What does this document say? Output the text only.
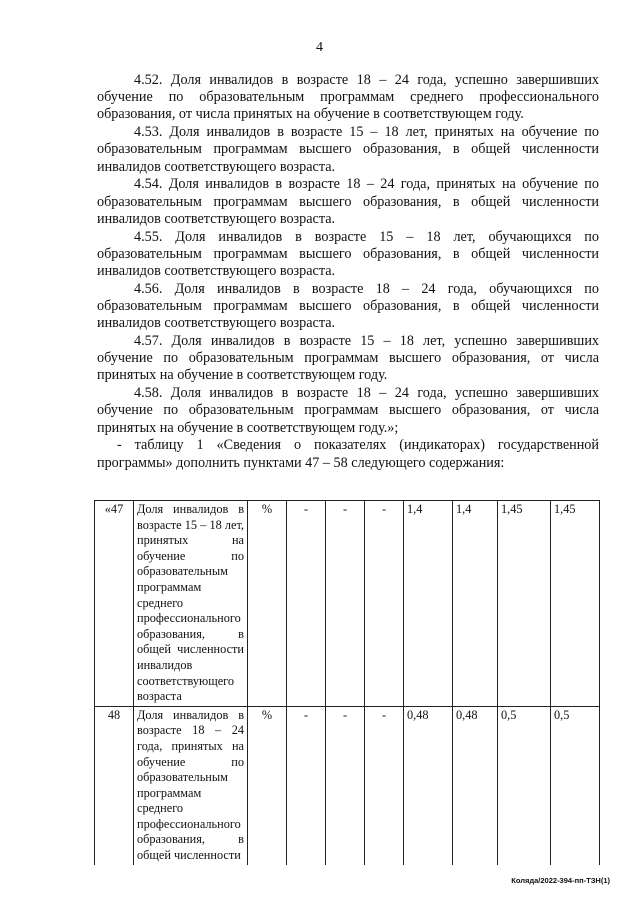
4

4.52. Доля инвалидов в возрасте 18 – 24 года, успешно завершивших обучение по образовательным программам среднего профессионального образования, от числа принятых на обучение в соответствующем году.

4.53. Доля инвалидов в возрасте 15 – 18 лет, принятых на обучение по образовательным программам высшего образования, в общей численности инвалидов соответствующего возраста.

4.54. Доля инвалидов в возрасте 18 – 24 года, принятых на обучение по образовательным программам высшего образования, в общей численности инвалидов соответствующего возраста.

4.55. Доля инвалидов в возрасте 15 – 18 лет, обучающихся по образовательным программам высшего образования, в общей численности инвалидов соответствующего возраста.

4.56. Доля инвалидов в возрасте 18 – 24 года, обучающихся по образовательным программам высшего образования, в общей численности инвалидов соответствующего возраста.

4.57. Доля инвалидов в возрасте 15 – 18 лет, успешно завершивших обучение по образовательным программам высшего образования, от числа принятых на обучение в соответствующем году.

4.58. Доля инвалидов в возрасте 18 – 24 года, успешно завершивших обучение по образовательным программам высшего образования, от числа принятых на обучение в соответствующем году.»;

- таблицу 1 «Сведения о показателях (индикаторах) государственной программы» дополнить пунктами 47 – 58 следующего содержания:

«47	Доля инвалидов в возрасте 15 – 18 лет, принятых на обучение по образовательным программам среднего профессионального образования, в общей численности инвалидов соответствующего возраста	%	-	-	-	1,4	1,4	1,45	1,45
48	Доля инвалидов в возрасте 18 – 24 года, принятых на обучение по образовательным программам среднего профессионального образования, в общей численности	%	-	-	-	0,48	0,48	0,5	0,5
Коляда/2022-394-пп-ТЗН(1)
